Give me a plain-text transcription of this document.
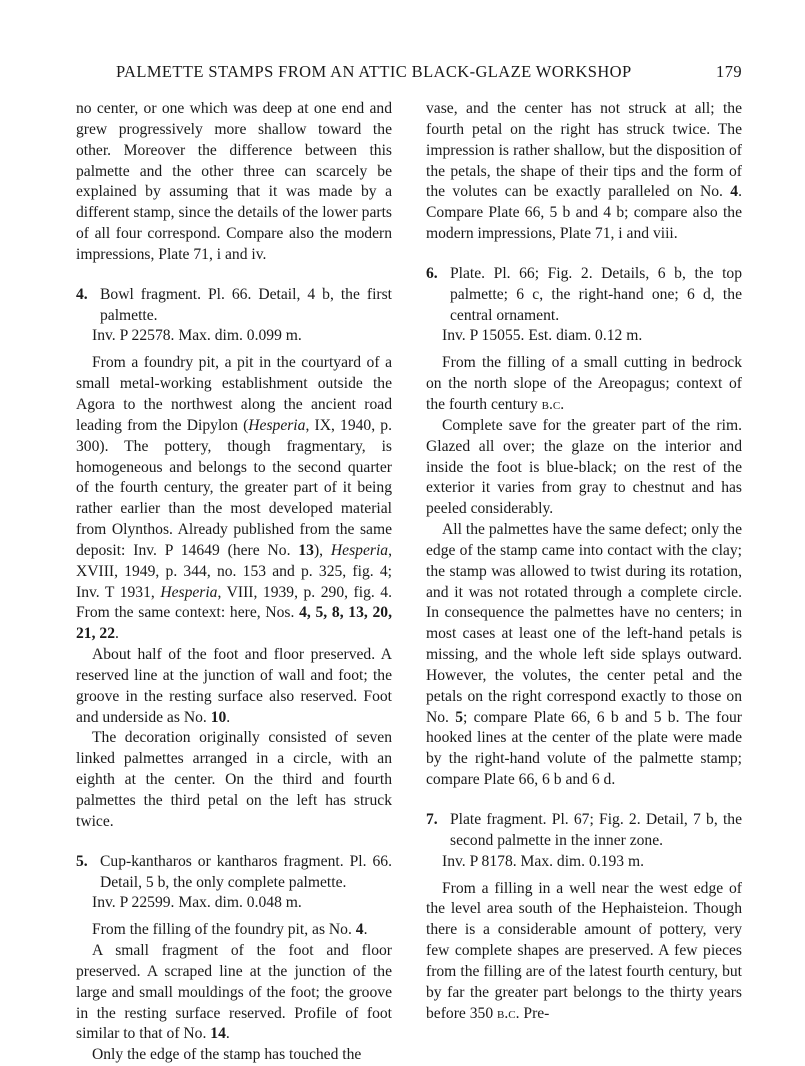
PALMETTE STAMPS FROM AN ATTIC BLACK-GLAZE WORKSHOP	179

no center, or one which was deep at one end and grew progressively more shallow toward the other. Moreover the difference between this palmette and the other three can scarcely be explained by assuming that it was made by a different stamp, since the details of the lower parts of all four correspond. Compare also the modern impressions, Plate 71, i and iv.

4. Bowl fragment. Pl. 66. Detail, 4 b, the first palmette.

Inv. P 22578. Max. dim. 0.099 m.

From a foundry pit, a pit in the courtyard of a small metal-working establishment outside the Agora to the northwest along the ancient road leading from the Dipylon (Hesperia, IX, 1940, p. 300). The pottery, though fragmentary, is homogeneous and belongs to the second quarter of the fourth century, the greater part of it being rather earlier than the most developed material from Olynthos. Already published from the same deposit: Inv. P 14649 (here No. 13), Hesperia, XVIII, 1949, p. 344, no. 153 and p. 325, fig. 4; Inv. T 1931, Hesperia, VIII, 1939, p. 290, fig. 4. From the same context: here, Nos. 4, 5, 8, 13, 20, 21, 22.

About half of the foot and floor preserved. A reserved line at the junction of wall and foot; the groove in the resting surface also reserved. Foot and underside as No. 10.

The decoration originally consisted of seven linked palmettes arranged in a circle, with an eighth at the center. On the third and fourth palmettes the third petal on the left has struck twice.

5. Cup-kantharos or kantharos fragment. Pl. 66. Detail, 5 b, the only complete palmette.

Inv. P 22599. Max. dim. 0.048 m.

From the filling of the foundry pit, as No. 4.

A small fragment of the foot and floor preserved. A scraped line at the junction of the large and small mouldings of the foot; the groove in the resting surface reserved. Profile of foot similar to that of No. 14.

Only the edge of the stamp has touched the

vase, and the center has not struck at all; the fourth petal on the right has struck twice. The impression is rather shallow, but the disposition of the petals, the shape of their tips and the form of the volutes can be exactly paralleled on No. 4. Compare Plate 66, 5 b and 4 b; compare also the modern impressions, Plate 71, i and viii.

6. Plate. Pl. 66; Fig. 2. Details, 6 b, the top palmette; 6 c, the right-hand one; 6 d, the central ornament.

Inv. P 15055. Est. diam. 0.12 m.

From the filling of a small cutting in bedrock on the north slope of the Areopagus; context of the fourth century b.c.

Complete save for the greater part of the rim. Glazed all over; the glaze on the interior and inside the foot is blue-black; on the rest of the exterior it varies from gray to chestnut and has peeled considerably.

All the palmettes have the same defect; only the edge of the stamp came into contact with the clay; the stamp was allowed to twist during its rotation, and it was not rotated through a complete circle. In consequence the palmettes have no centers; in most cases at least one of the left-hand petals is missing, and the whole left side splays outward. However, the volutes, the center petal and the petals on the right correspond exactly to those on No. 5; compare Plate 66, 6 b and 5 b. The four hooked lines at the center of the plate were made by the right-hand volute of the palmette stamp; compare Plate 66, 6 b and 6 d.

7. Plate fragment. Pl. 67; Fig. 2. Detail, 7 b, the second palmette in the inner zone.

Inv. P 8178. Max. dim. 0.193 m.

From a filling in a well near the west edge of the level area south of the Hephaisteion. Though there is a considerable amount of pottery, very few complete shapes are preserved. A few pieces from the filling are of the latest fourth century, but by far the greater part belongs to the thirty years before 350 b.c. Pre-
